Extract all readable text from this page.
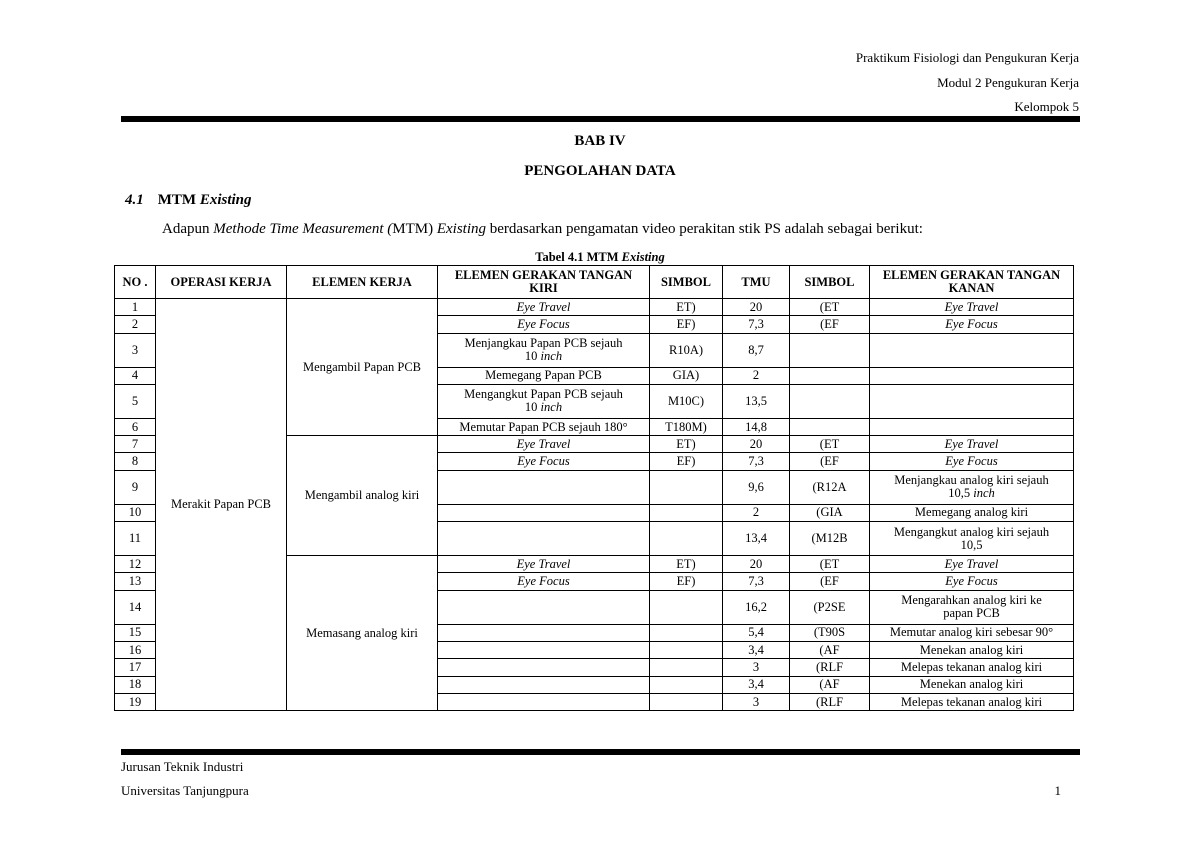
Praktikum Fisiologi dan Pengukuran Kerja
Modul 2 Pengukuran Kerja
Kelompok 5
BAB IV
PENGOLAHAN DATA
4.1 MTM Existing
Adapun Methode Time Measurement (MTM) Existing berdasarkan pengamatan video perakitan stik PS adalah sebagai berikut:
Tabel 4.1 MTM Existing
NO .	OPERASI KERJA	ELEMEN KERJA	ELEMEN GERAKAN TANGAN KIRI	SIMBOL	TMU	SIMBOL	ELEMEN GERAKAN TANGAN KANAN
1	Merakit Papan PCB	Mengambil Papan PCB	Eye Travel	ET)	20	(ET	Eye Travel
2			Eye Focus	EF)	7,3	(EF	Eye Focus
3			Menjangkau Papan PCB sejauh
10 inch	R10A)	8,7		
4			Memegang Papan PCB	GIA)	2		
5			Mengangkut Papan PCB sejauh
10 inch	M10C)	13,5		
6			Memutar Papan PCB sejauh 180°	T180M)	14,8		
7		Mengambil analog kiri	Eye Travel	ET)	20	(ET	Eye Travel
8			Eye Focus	EF)	7,3	(EF	Eye Focus
9					9,6	(R12A	Menjangkau analog kiri sejauh
10,5 inch
10					2	(GIA	Memegang analog kiri
11					13,4	(M12B	Mengangkut analog kiri sejauh
10,5
12		Memasang analog kiri	Eye Travel	ET)	20	(ET	Eye Travel
13			Eye Focus	EF)	7,3	(EF	Eye Focus
14					16,2	(P2SE	Mengarahkan analog kiri ke
papan PCB
15					5,4	(T90S	Memutar analog kiri sebesar 90°
16					3,4	(AF	Menekan analog kiri
17					3	(RLF	Melepas tekanan analog kiri
18					3,4	(AF	Menekan analog kiri
19					3	(RLF	Melepas tekanan analog kiri
Jurusan Teknik Industri
Universitas Tanjungpura	1
